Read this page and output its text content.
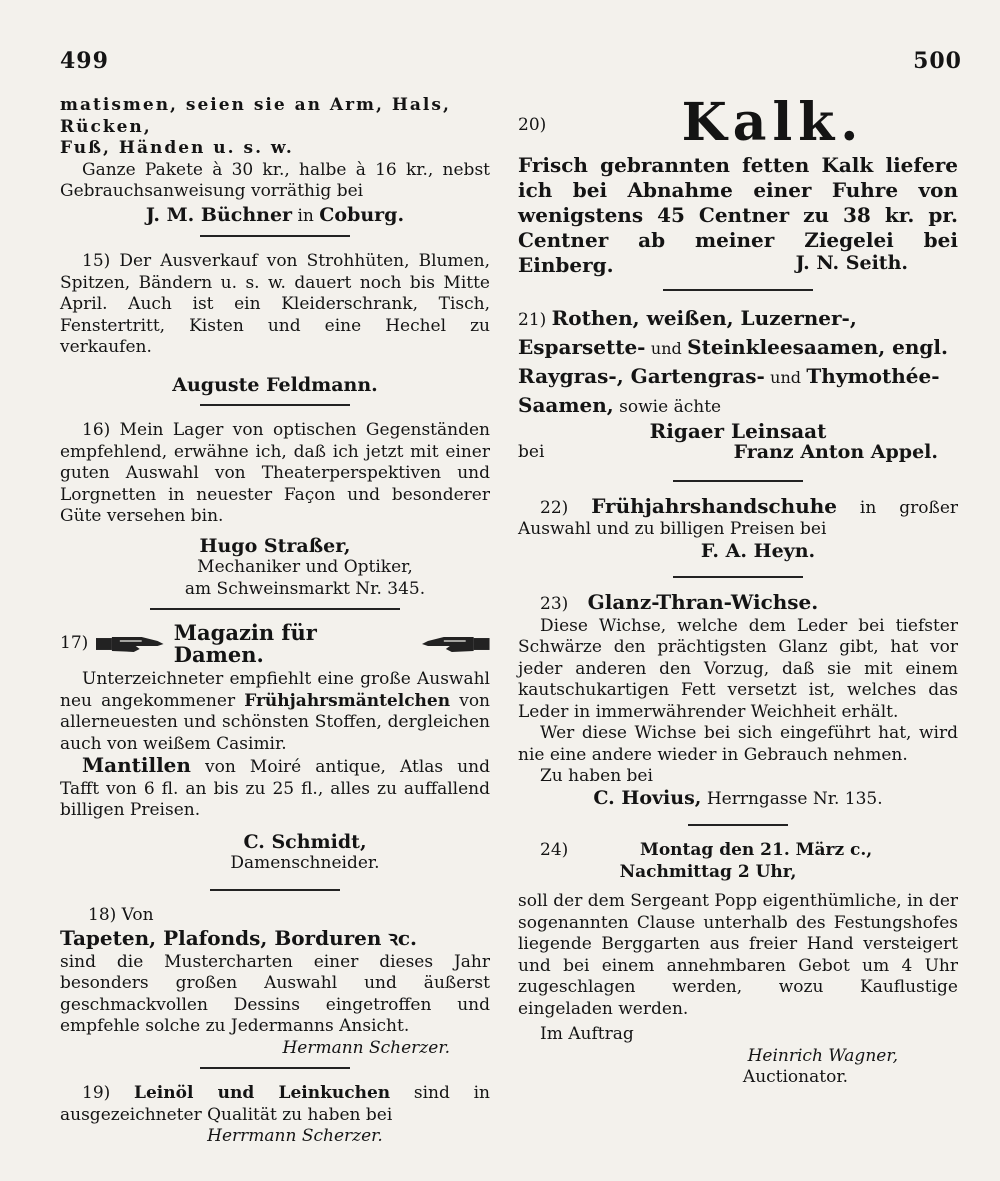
499	500

matismen, seien sie an Arm, Hals, Rücken,

Fuß, Händen u. s. w.

Ganze Pakete à 30 kr., halbe à 16 kr., nebst Gebrauchsanweisung vorräthig bei

J. M. Büchner in Coburg.

15) Der Ausverkauf von Strohhüten, Blumen, Spitzen, Bändern u. s. w. dauert noch bis Mitte April. Auch ist ein Kleiderschrank, Tisch, Fenstertritt, Kisten und eine Hechel zu verkaufen.

Auguste Feldmann.

16) Mein Lager von optischen Gegenständen empfehlend, erwähne ich, daß ich jetzt mit einer guten Auswahl von Theaterperspektiven und Lorgnetten in neuester Façon und besonderer Güte versehen bin.

Hugo Straßer,

Mechaniker und Optiker,

am Schweinsmarkt Nr. 345.

17)	Magazin für Damen.

Unterzeichneter empfiehlt eine große Auswahl neu angekommener Frühjahrsmäntelchen von allerneuesten und schönsten Stoffen, dergleichen auch von weißem Casimir.

Mantillen von Moiré antique, Atlas und Tafft von 6 fl. an bis zu 25 fl., alles zu auffallend billigen Preisen.

C. Schmidt,

Damenschneider.

18) Von

Tapeten, Plafonds, Borduren ꝛc.

sind die Mustercharten einer dieses Jahr besonders großen Auswahl und äußerst geschmackvollen Dessins eingetroffen und empfehle solche zu Jedermanns Ansicht.

Hermann Scherzer.

19) Leinöl und Leinkuchen sind in ausgezeichneter Qualität zu haben bei

Herrmann Scherzer.

20)	Kalk.

Frisch gebrannten fetten Kalk liefere ich bei Abnahme einer Fuhre von wenigstens 45 Centner zu 38 kr. pr. Centner ab meiner Ziegelei bei Einberg.	J. N. Seith.

21) Rothen, weißen, Luzerner-, Esparsette- und Steinkleesaamen, engl. Raygras-, Gartengras- und Thymothée-Saamen, sowie ächte

Rigaer Leinsaat

bei	Franz Anton Appel.

22) Frühjahrshandschuhe in großer Auswahl und zu billigen Preisen bei

F. A. Heyn.

23) Glanz-Thran-Wichse.

Diese Wichse, welche dem Leder bei tiefster Schwärze den prächtigsten Glanz gibt, hat vor jeder anderen den Vorzug, daß sie mit einem kautschukartigen Fett versetzt ist, welches das Leder in immerwährender Weichheit erhält.

Wer diese Wichse bei sich eingeführt hat, wird nie eine andere wieder in Gebrauch nehmen.

Zu haben bei

C. Hovius, Herrngasse Nr. 135.

24)	Montag den 21. März c.,

Nachmittag 2 Uhr,

soll der dem Sergeant Popp eigenthümliche, in der sogenannten Clause unterhalb des Festungshofes liegende Berggarten aus freier Hand versteigert und bei einem annehmbaren Gebot um 4 Uhr zugeschlagen werden, wozu Kauflustige eingeladen werden.

Im Auftrag

Heinrich Wagner,

Auctionator.
